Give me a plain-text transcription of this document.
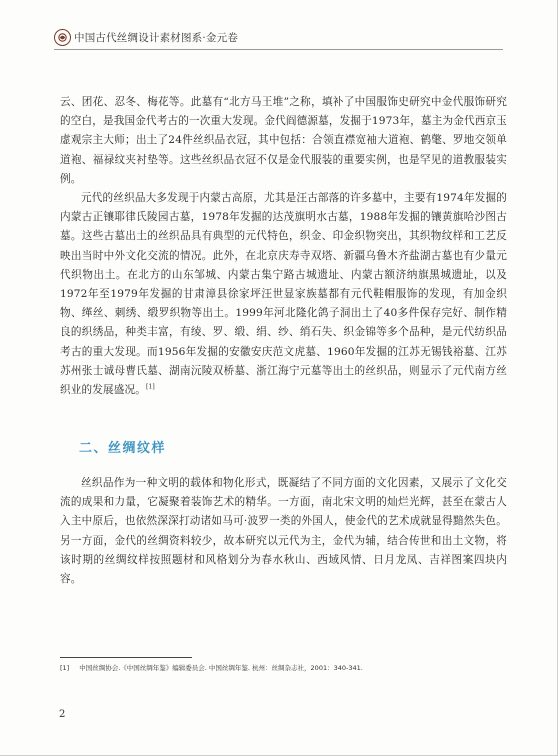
中国古代丝绸设计素材图系·金元卷

云、团花、忍冬、梅花等。此墓有“北方马王堆”之称，填补了中国服饰史研究中金代服饰研究的空白，是我国金代考古的一次重大发现。金代阎德源墓，发掘于1973年，墓主为金代西京玉虚观宗主大师；出土了24件丝织品衣冠，其中包括：合领直襟宽袖大道袍、鹤氅、罗地交领单道袍、福禄纹夹衬垫等。这些丝织品衣冠不仅是金代服装的重要实例，也是罕见的道教服装实例。

元代的丝织品大多发现于内蒙古高原，尤其是汪古部落的许多墓中，主要有1974年发掘的内蒙古正镶耶律氏陵园古墓，1978年发掘的达茂旗明水古墓，1988年发掘的镶黄旗哈沙图古墓。这些古墓出土的丝织品具有典型的元代特色，织金、印金织物突出，其织物纹样和工艺反映出当时中外文化交流的情况。此外，在北京庆寿寺双塔、新疆乌鲁木齐盐湖古墓也有少量元代织物出土。在北方的山东邹城、内蒙古集宁路古城遗址、内蒙古额济纳旗黑城遗址，以及1972年至1979年发掘的甘肃漳县徐家坪汪世显家族墓都有元代鞋帽服饰的发现，有加金织物、缂丝、刺绣、缎罗织物等出土。1999年河北隆化鸽子洞出土了40多件保存完好、制作精良的织绣品，种类丰富，有绫、罗、缎、绢、纱、绡石失、织金锦等多个品种，是元代纺织品考古的重大发现。而1956年发掘的安徽安庆范文虎墓、1960年发掘的江苏无锡钱裕墓、江苏苏州张士诚母曹氏墓、湖南沅陵双桥墓、浙江海宁元墓等出土的丝织品，则显示了元代南方丝织业的发展盛况。[1]

二、丝绸纹样

丝织品作为一种文明的载体和物化形式，既凝结了不同方面的文化因素，又展示了文化交流的成果和力量，它凝聚着装饰艺术的精华。一方面，南北宋文明的灿烂光辉，甚至在蒙古人入主中原后，也依然深深打动诸如马可·波罗一类的外国人，使金代的艺术成就显得黯然失色。另一方面，金代的丝绸资料较少，故本研究以元代为主，金代为辅，结合传世和出土文物，将该时期的丝绸纹样按照题材和风格划分为春水秋山、西域风情、日月龙凤、吉祥图案四块内容。

[1] 中国丝绸协会.《中国丝绸年鉴》编辑委员会. 中国丝绸年鉴. 杭州：丝绸杂志社，2001：340-341.
2
